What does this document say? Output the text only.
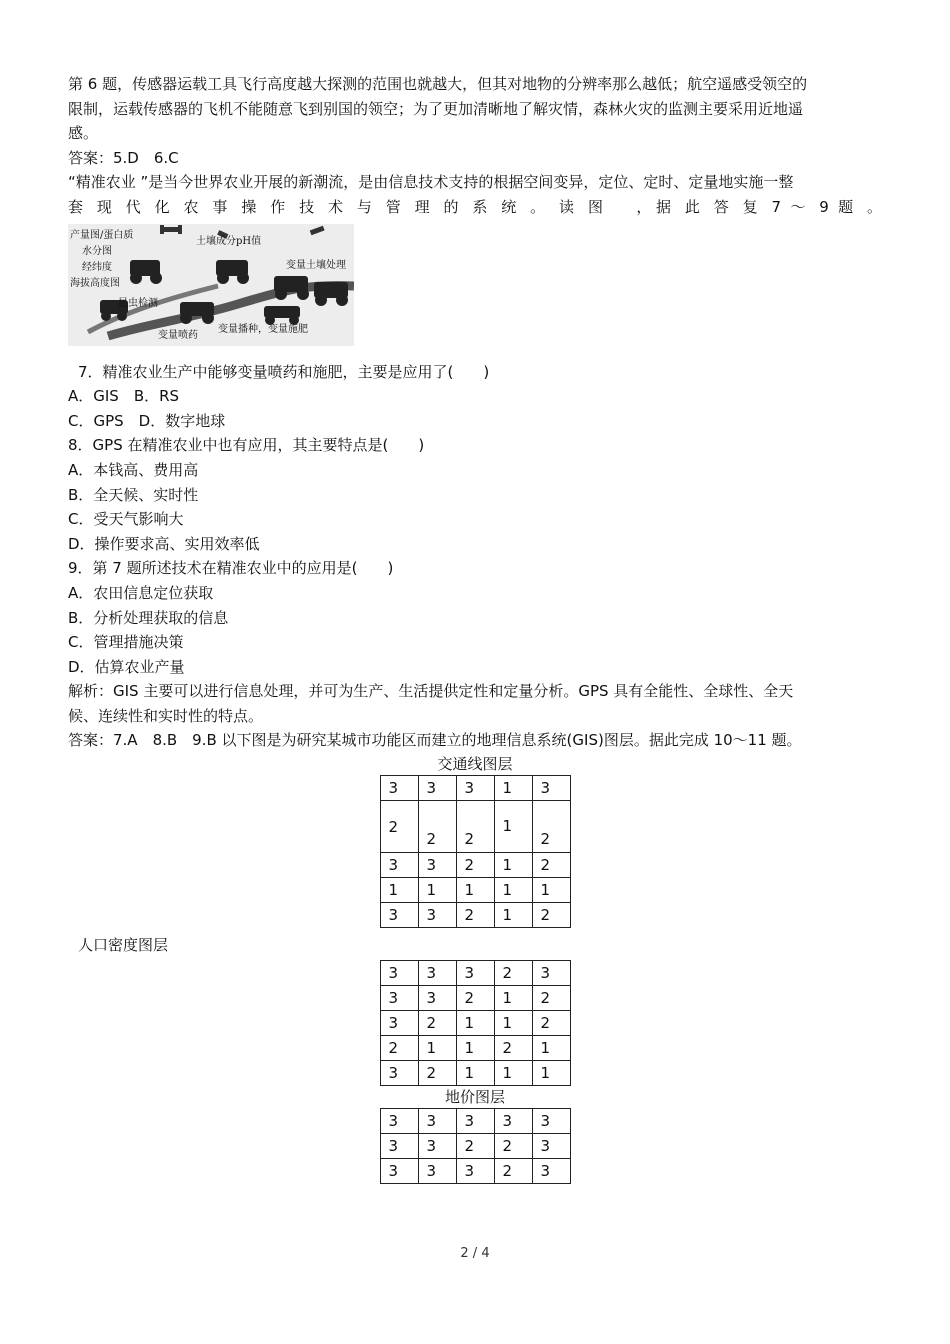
第 6 题，传感器运载工具飞行高度越大探测的范围也就越大，但其对地物的分辨率那么越低；航空遥感受领空的

限制，运载传感器的飞机不能随意飞到别国的领空；为了更加清晰地了解灾情，森林火灾的监测主要采用近地遥

感。

答案：5.D　6.C

“精准农业 ”是当今世界农业开展的新潮流，是由信息技术支持的根据空间变异，定位、定时、定量地实施一整

套 现 代 化 农 事 操 作 技 术 与 管 理 的 系 统 。 读 图　 ，据 此 答 复 7 ～ 9 题 。

产量图/蛋白质
水分图
经纬度
海拔高度图
土壤成分pH值
变量土壤处理
昆虫检测
变量喷药
变量播种，变量施肥

7．精准农业生产中能够变量喷药和施肥，主要是应用了(　　)

A．GIS　B．RS

C．GPS　D．数字地球

8．GPS 在精准农业中也有应用，其主要特点是(　　)

A．本钱高、费用高

B．全天候、实时性

C．受天气影响大

D．操作要求高、实用效率低

9．第 7 题所述技术在精准农业中的应用是(　　)

A．农田信息定位获取

B．分析处理获取的信息

C．管理措施决策

D．估算农业产量

解析：GIS 主要可以进行信息处理，并可为生产、生活提供定性和定量分析。GPS 具有全能性、全球性、全天

候、连续性和实时性的特点。

答案：7.A　8.B　9.B 以下图是为研究某城市功能区而建立的地理信息系统(GIS)图层。据此完成 10～11 题。

交通线图层
3	3	3	1	3
2	2	2	1	2
3	3	2	1	2
1	1	1	1	1
3	3	2	1	2
人口密度图层
3	3	3	2	3
3	3	2	1	2
3	2	1	1	2
2	1	1	2	1
3	2	1	1	1
地价图层
3	3	3	3	3
3	3	2	2	3
3	3	3	2	3
2 / 4
